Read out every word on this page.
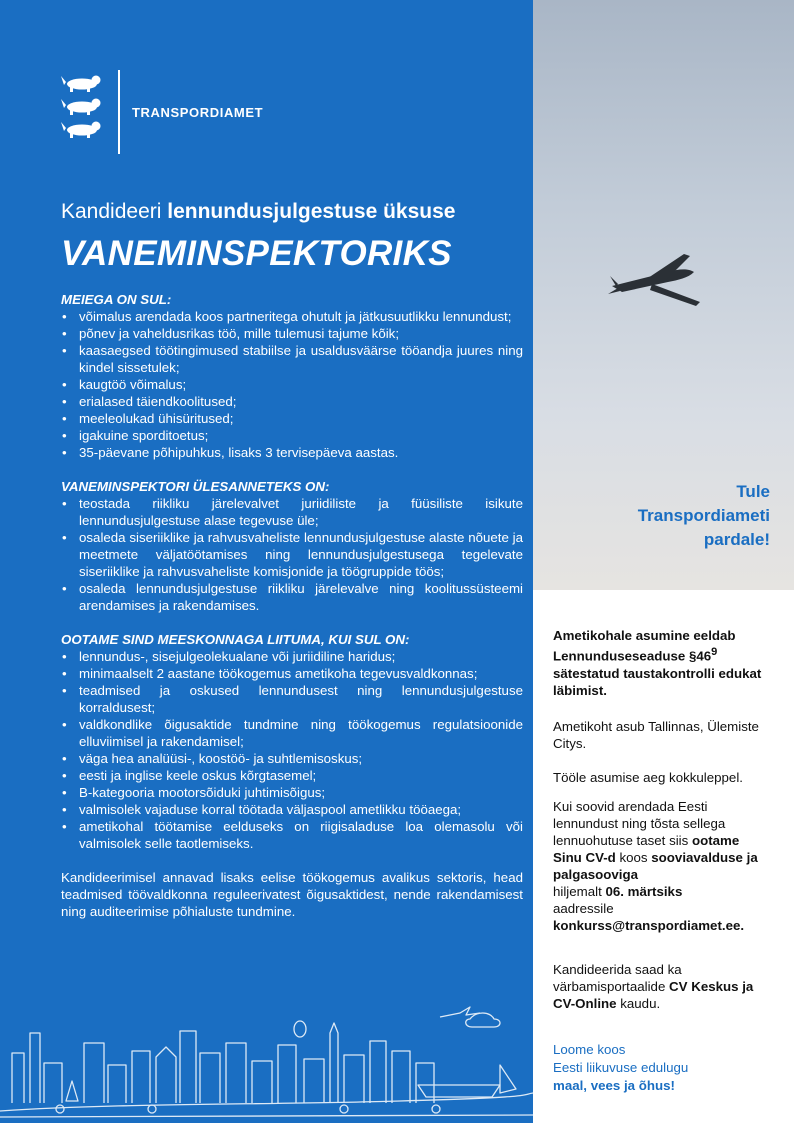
TRANSPORDIAMET
Kandideeri lennundusjulgestuse üksuse
VANEMINSPEKTORIKS

MEIEGA ON SUL:

• võimalus arendada koos partneritega ohutult ja jätkusuutlikku lennundust;
• põnev ja vaheldusrikas töö, mille tulemusi tajume kõik;
• kaasaegsed töötingimused stabiilse ja usaldusväärse tööandja juures ning kindel sissetulek;
• kaugtöö võimalus;
• erialased täiendkoolitused;
• meeleolukad ühisüritused;
• igakuine sporditoetus;
• 35-päevane põhipuhkus, lisaks 3 tervisepäeva aastas.

VANEMINSPEKTORI ÜLESANNETEKS ON:

• teostada riikliku järelevalvet juriidiliste ja füüsiliste isikute lennundusjulgestuse alase tegevuse üle;
• osaleda siseriiklike ja rahvusvaheliste lennundusjulgestuse alaste nõuete ja meetmete väljatöötamises ning lennundusjulgestusega tegelevate siseriiklike ja rahvusvaheliste komisjonide ja töögruppide töös;
• osaleda lennundusjulgestuse riikliku järelevalve ning koolitussüsteemi arendamises ja rakendamises.

OOTAME SIND MEESKONNAGA LIITUMA, KUI SUL ON:

• lennundus-, sisejulgeolekualane või juriidiline haridus;
• minimaalselt 2 aastane töökogemus ametikoha tegevusvaldkonnas;
• teadmised ja oskused lennundusest ning lennundusjulgestuse korraldusest;
• valdkondlike õigusaktide tundmine ning töökogemus regulatsioonide elluviimisel ja rakendamisel;
• väga hea analüüsi-, koostöö- ja suhtlemisoskus;
• eesti ja inglise keele oskus kõrgtasemel;
• B-kategooria mootorsõiduki juhtimisõigus;
• valmisolek vajaduse korral töötada väljaspool ametlikku tööaega;
• ametikohal töötamise eelduseks on riigisaladuse loa olemasolu või valmisolek selle taotlemiseks.

Kandideerimisel annavad lisaks eelise töökogemus avalikus sektoris, head teadmised töövaldkonna reguleerivatest õigusaktidest, nende rakendamisest ning auditeerimise põhialuste tundmine.

Tule
Transpordiameti
pardale!

Ametikohale asumine eeldab Lennunduseseaduse $\S 46^9$ sätestatud taustakontrolli edukat läbimist.

Ametikoht asub Tallinnas, Ülemiste Citys.

Tööle asumise aeg kokkuleppel.

Kui soovid arendada Eesti lennundust ning tõsta sellega lennuohutuse taset siis ootame Sinu CV-d koos sooviavalduse ja palgasooviga
hiljemalt 06. märtsiks
aadressile
konkurss@transpordiamet.ee.

Kandideerida saad ka värbamisportaalide CV Keskus ja CV-Online kaudu.

Loome koos
Eesti liikuvuse edulugu
maal, vees ja õhus!
